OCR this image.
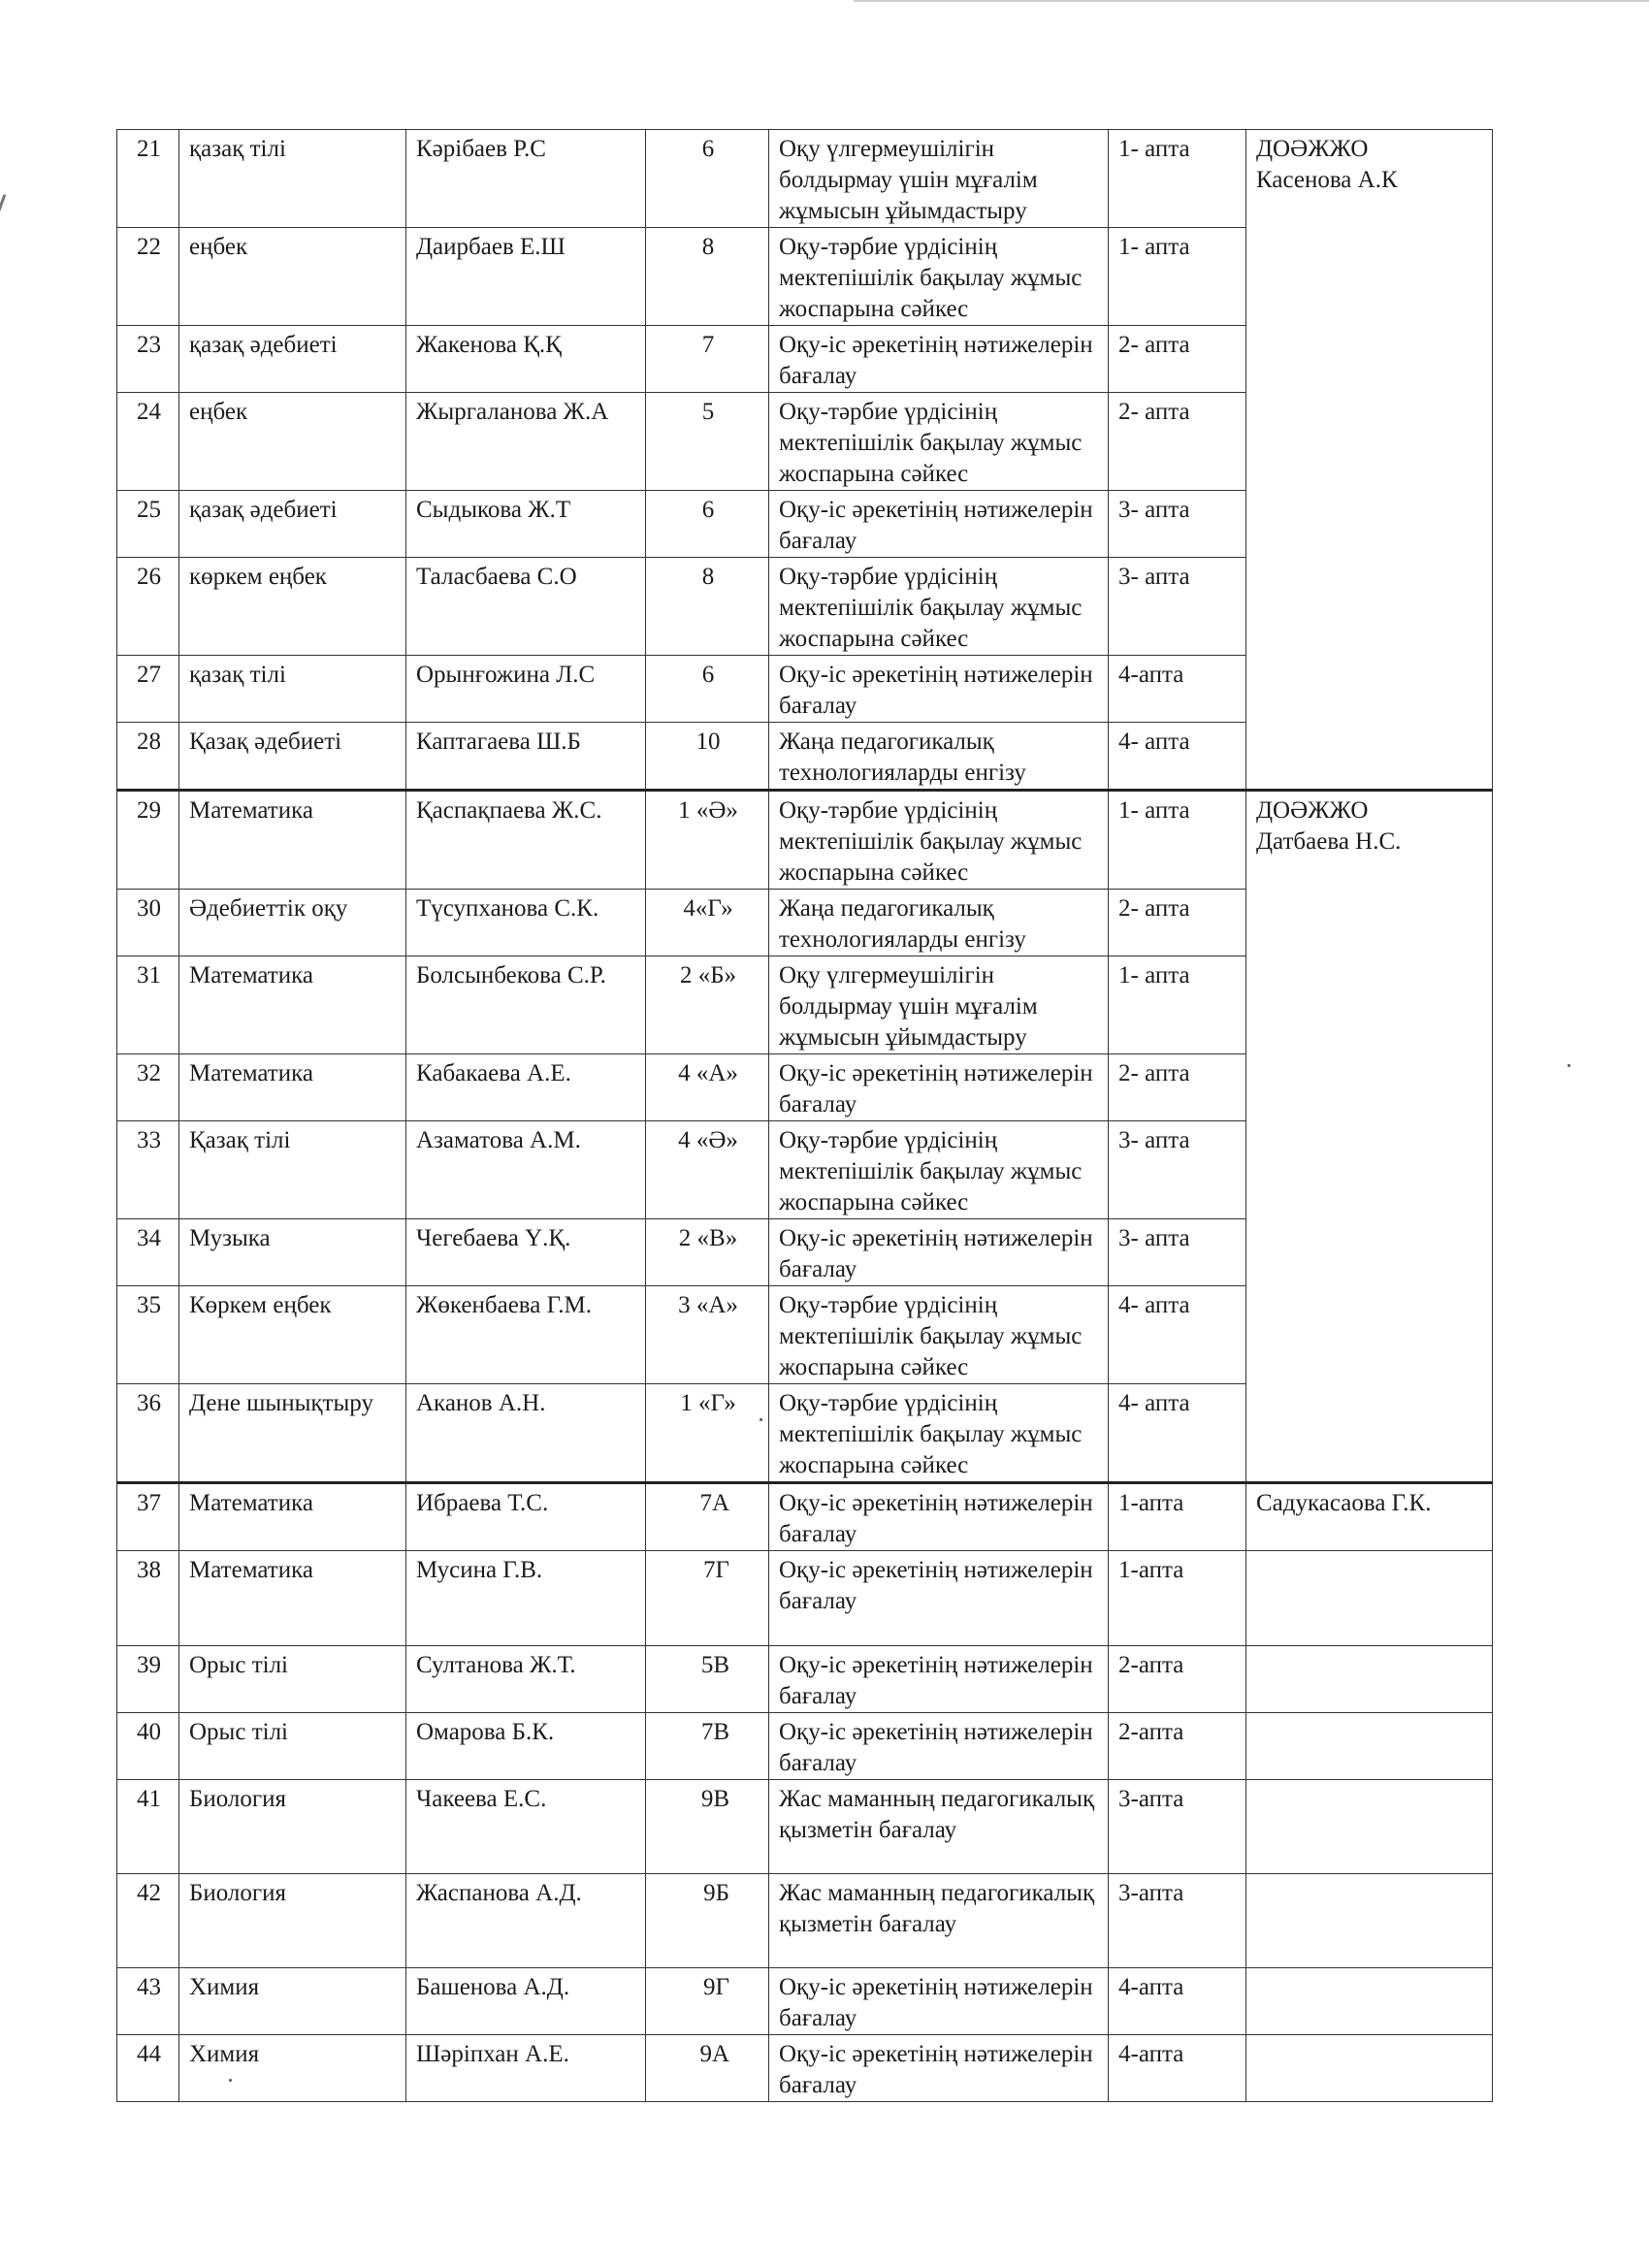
21	қазақ тілі	Кәрібаев Р.С	6	Оқу үлгермеушілігін болдырмау үшін мұғалім жұмысын ұйымдастыру	1- апта	ДОӘЖЖО
Касенова А.К

22	еңбек	Даирбаев Е.Ш	8	Оқу-тәрбие үрдісінің мектепішілік бақылау жұмыс жоспарына сәйкес	1- апта	
23	қазақ әдебиеті	Жакенова Қ.Қ	7	Оқу-іс әрекетінің нәтижелерін бағалау	2- апта	
24	еңбек	Жыргаланова Ж.А	5	Оқу-тәрбие үрдісінің мектепішілік бақылау жұмыс жоспарына сәйкес	2- апта	
25	қазақ әдебиеті	Сыдыкова Ж.Т	6	Оқу-іс әрекетінің нәтижелерін бағалау	3- апта	
26	көркем еңбек	Таласбаева С.О	8	Оқу-тәрбие үрдісінің мектепішілік бақылау жұмыс жоспарына сәйкес	3- апта	
27	қазақ тілі	Орынғожина Л.С	6	Оқу-іс әрекетінің нәтижелерін бағалау	4-апта	
28	Қазақ әдебиеті	Каптагаева Ш.Б	10	Жаңа педагогикалық технологияларды енгізу	4- апта	
29	Математика	Қаспақпаева Ж.С.	1 «Ә»	Оқу-тәрбие үрдісінің мектепішілік бақылау жұмыс жоспарына сәйкес	1- апта	ДОӘЖЖО
Датбаева Н.С.

30	Әдебиеттік оқу	Түсупханова С.К.	4«Г»	Жаңа педагогикалық технологияларды енгізу	2- апта	
31	Математика	Болсынбекова С.Р.	2 «Б»	Оқу үлгермеушілігін болдырмау үшін мұғалім жұмысын ұйымдастыру	1- апта	
32	Математика	Кабакаева А.Е.	4 «А»	Оқу-іс әрекетінің нәтижелерін бағалау	2- апта	
33	Қазақ тілі	Азаматова А.М.	4 «Ә»	Оқу-тәрбие үрдісінің мектепішілік бақылау жұмыс жоспарына сәйкес	3- апта	
34	Музыка	Чегебаева Ү.Қ.	2 «В»	Оқу-іс әрекетінің нәтижелерін бағалау	3- апта	
35	Көркем еңбек	Жөкенбаева Г.М.	3 «А»	Оқу-тәрбие үрдісінің мектепішілік бақылау жұмыс жоспарына сәйкес	4- апта	
36	Дене шынықтыру	Аканов А.Н.	1 «Г»	Оқу-тәрбие үрдісінің мектепішілік бақылау жұмыс жоспарына сәйкес	4- апта	
37	Математика	Ибраева Т.С.	7А	Оқу-іс әрекетінің нәтижелерін бағалау	1-апта	Садукасаова Г.К.
38	Математика	Мусина Г.В.	7Г	Оқу-іс әрекетінің нәтижелерін бағалау	1-апта	
39	Орыс тілі	Султанова Ж.Т.	5В	Оқу-іс әрекетінің нәтижелерін бағалау	2-апта	
40	Орыс тілі	Омарова Б.К.	7В	Оқу-іс әрекетінің нәтижелерін бағалау	2-апта	
41	Биология	Чакеева Е.С.	9В	Жас маманның педагогикалық қызметін бағалау	3-апта	
42	Биология	Жаспанова А.Д.	9Б	Жас маманның педагогикалық қызметін бағалау	3-апта	
43	Химия	Башенова А.Д.	9Г	Оқу-іс әрекетінің нәтижелерін бағалау	4-апта	
44	Химия	Шәріпхан А.Е.	9А	Оқу-іс әрекетінің нәтижелерін бағалау	4-апта	
